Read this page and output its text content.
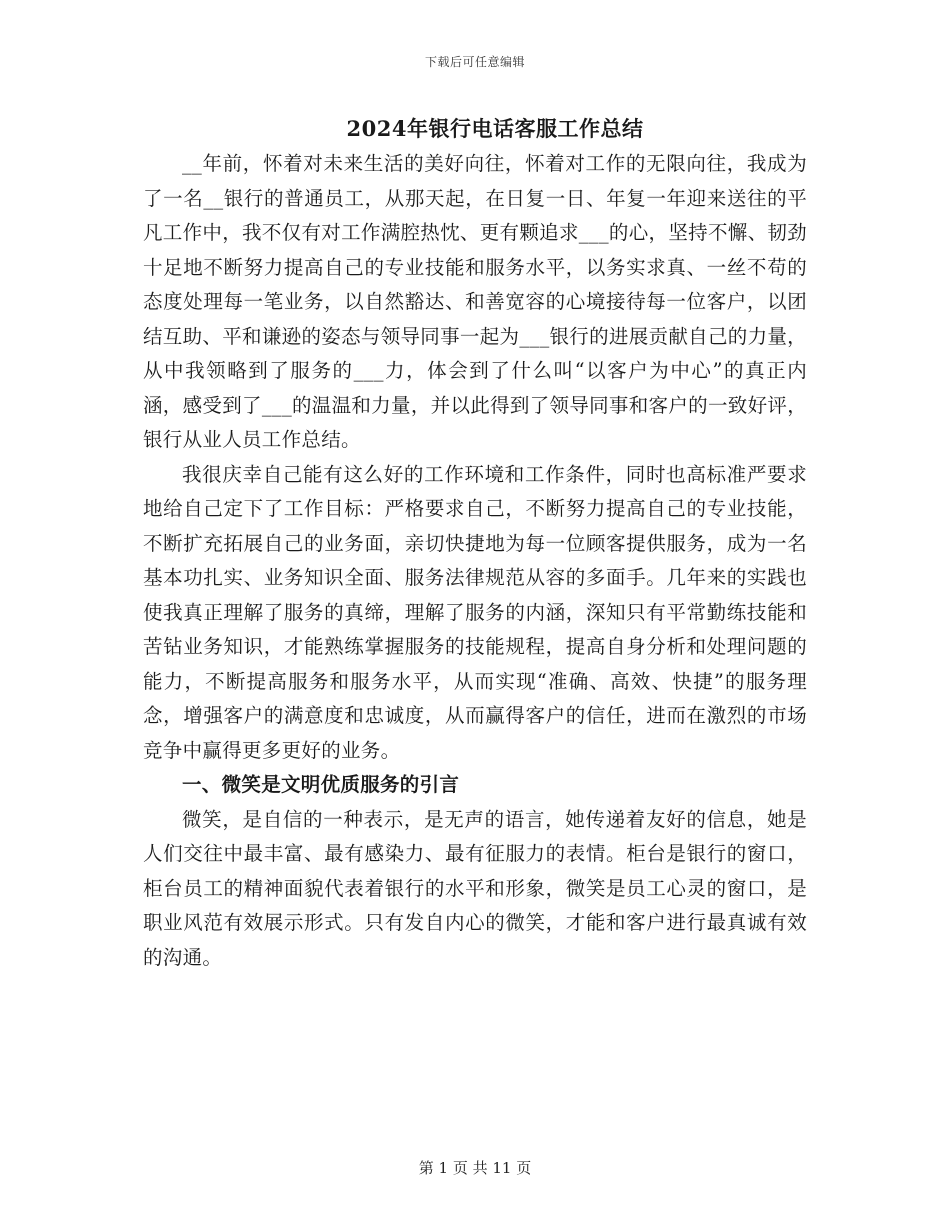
下载后可任意编辑
2024年银行电话客服工作总结

__年前，怀着对未来生活的美好向往，怀着对工作的无限向往，我成为了一名__银行的普通员工，从那天起，在日复一日、年复一年迎来送往的平凡工作中，我不仅有对工作满腔热忱、更有颗追求___的心，坚持不懈、韧劲十足地不断努力提高自己的专业技能和服务水平，以务实求真、一丝不苟的态度处理每一笔业务，以自然豁达、和善宽容的心境接待每一位客户，以团结互助、平和谦逊的姿态与领导同事一起为___银行的进展贡献自己的力量，从中我领略到了服务的___力，体会到了什么叫“以客户为中心”的真正内涵，感受到了___的温温和力量，并以此得到了领导同事和客户的一致好评，银行从业人员工作总结。

我很庆幸自己能有这么好的工作环境和工作条件，同时也高标准严要求地给自己定下了工作目标：严格要求自己，不断努力提高自己的专业技能，不断扩充拓展自己的业务面，亲切快捷地为每一位顾客提供服务，成为一名基本功扎实、业务知识全面、服务法律规范从容的多面手。几年来的实践也使我真正理解了服务的真缔，理解了服务的内涵，深知只有平常勤练技能和苦钻业务知识，才能熟练掌握服务的技能规程，提高自身分析和处理问题的能力，不断提高服务和服务水平，从而实现“准确、高效、快捷”的服务理念，增强客户的满意度和忠诚度，从而赢得客户的信任，进而在激烈的市场竞争中赢得更多更好的业务。

一、微笑是文明优质服务的引言

微笑，是自信的一种表示，是无声的语言，她传递着友好的信息，她是人们交往中最丰富、最有感染力、最有征服力的表情。柜台是银行的窗口，柜台员工的精神面貌代表着银行的水平和形象，微笑是员工心灵的窗口，是职业风范有效展示形式。只有发自内心的微笑，才能和客户进行最真诚有效的沟通。

第 1 页 共 11 页
